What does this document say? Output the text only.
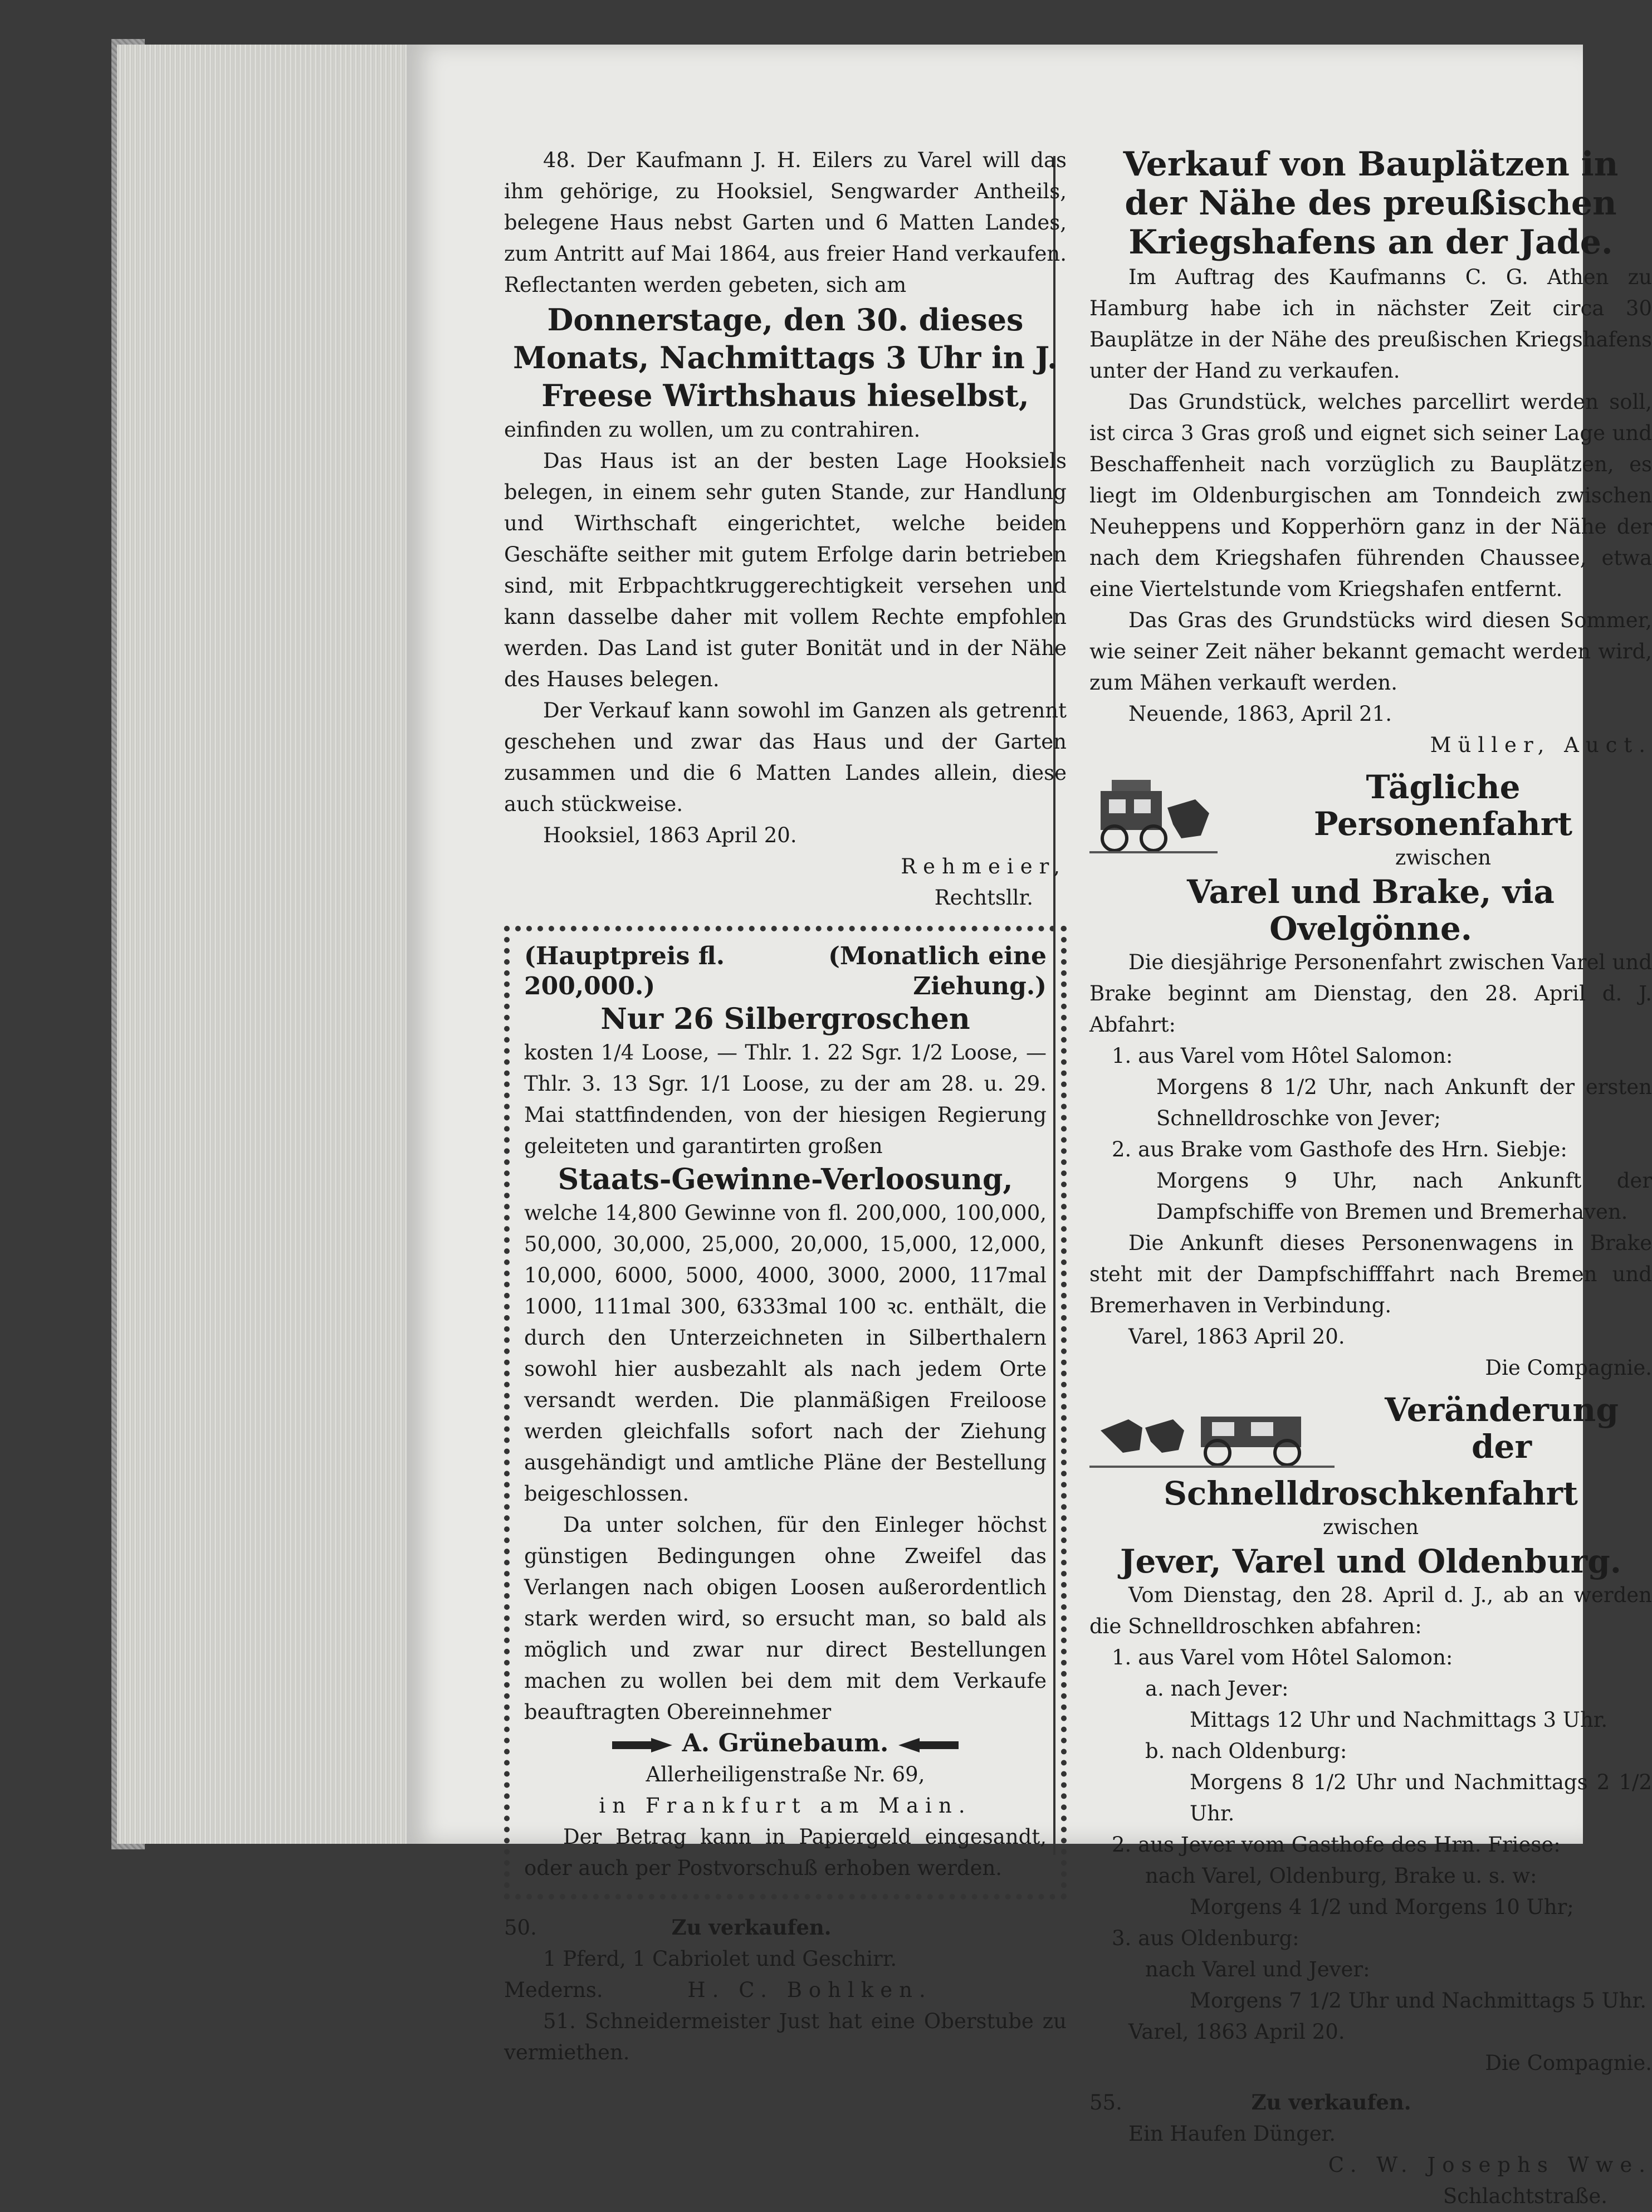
48. Der Kaufmann J. H. Eilers zu Varel will das ihm gehörige, zu Hooksiel, Sengwarder Antheils, belegene Haus nebst Garten und 6 Matten Landes, zum Antritt auf Mai 1864, aus freier Hand verkaufen. Reflectanten werden gebeten, sich am

Donnerstage, den 30. dieses Monats, Nachmittags 3 Uhr in J. Freese Wirthshaus hieselbst,

einfinden zu wollen, um zu contrahiren.

Das Haus ist an der besten Lage Hooksiels belegen, in einem sehr guten Stande, zur Handlung und Wirthschaft eingerichtet, welche beiden Geschäfte seither mit gutem Erfolge darin betrieben sind, mit Erbpachtkruggerechtigkeit versehen und kann dasselbe daher mit vollem Rechte empfohlen werden. Das Land ist guter Bonität und in der Nähe des Hauses belegen.

Der Verkauf kann sowohl im Ganzen als getrennt geschehen und zwar das Haus und der Garten zusammen und die 6 Matten Landes allein, diese auch stückweise.

Hooksiel, 1863 April 20.

Rehmeier,

Rechtsllr.

(Hauptpreis fl. 200,000.)
(Monatlich eine Ziehung.)

Nur 26 Silbergroschen

kosten 1/4 Loose, — Thlr. 1. 22 Sgr. 1/2 Loose, — Thlr. 3. 13 Sgr. 1/1 Loose, zu der am 28. u. 29. Mai stattfindenden, von der hiesigen Regierung geleiteten und garantirten großen

Staats-Gewinne-Verloosung,

welche 14,800 Gewinne von fl. 200,000, 100,000, 50,000, 30,000, 25,000, 20,000, 15,000, 12,000, 10,000, 6000, 5000, 4000, 3000, 2000, 117mal 1000, 111mal 300, 6333mal 100 ꝛc. enthält, die durch den Unterzeichneten in Silberthalern sowohl hier ausbezahlt als nach jedem Orte versandt werden. Die planmäßigen Freiloose werden gleichfalls sofort nach der Ziehung ausgehändigt und amtliche Pläne der Bestellung beigeschlossen.

Da unter solchen, für den Einleger höchst günstigen Bedingungen ohne Zweifel das Verlangen nach obigen Loosen außerordentlich stark werden wird, so ersucht man, so bald als möglich und zwar nur direct Bestellungen machen zu wollen bei dem mit dem Verkaufe beauftragten Obereinnehmer

A. Grünebaum.

Allerheiligenstraße Nr. 69,

in Frankfurt am Main.

Der Betrag kann in Papiergeld eingesandt, oder auch per Postvorschuß erhoben werden.

50.	Zu verkaufen.

1 Pferd, 1 Cabriolet und Geschirr.

Mederns.	H. C. Bohlken.

51. Schneidermeister Just hat eine Oberstube zu vermiethen.

Verkauf von Bauplätzen in der Nähe des preußischen Kriegshafens an der Jade.

Im Auftrag des Kaufmanns C. G. Athen zu Hamburg habe ich in nächster Zeit circa 30 Bauplätze in der Nähe des preußischen Kriegshafens unter der Hand zu verkaufen.

Das Grundstück, welches parcellirt werden soll, ist circa 3 Gras groß und eignet sich seiner Lage und Beschaffenheit nach vorzüglich zu Bauplätzen, es liegt im Oldenburgischen am Tonndeich zwischen Neuheppens und Kopperhörn ganz in der Nähe der nach dem Kriegshafen führenden Chaussee, etwa eine Viertelstunde vom Kriegshafen entfernt.

Das Gras des Grundstücks wird diesen Sommer, wie seiner Zeit näher bekannt gemacht werden wird, zum Mähen verkauft werden.

Neuende, 1863, April 21.

Müller, Auct.

Tägliche Personenfahrt

zwischen

Varel und Brake, via Ovelgönne.

Die diesjährige Personenfahrt zwischen Varel und Brake beginnt am Dienstag, den 28. April d. J. Abfahrt:

1. aus Varel vom Hôtel Salomon:

Morgens 8 1/2 Uhr, nach Ankunft der ersten Schnelldroschke von Jever;

2. aus Brake vom Gasthofe des Hrn. Siebje:

Morgens 9 Uhr, nach Ankunft der Dampfschiffe von Bremen und Bremerhaven.

Die Ankunft dieses Personenwagens in Brake steht mit der Dampfschifffahrt nach Bremen und Bremerhaven in Verbindung.

Varel, 1863 April 20.

Die Compagnie.

Veränderung der Schnelldroschkenfahrt

zwischen

Jever, Varel und Oldenburg.

Vom Dienstag, den 28. April d. J., ab an werden die Schnelldroschken abfahren:

1. aus Varel vom Hôtel Salomon:

a. nach Jever:

Mittags 12 Uhr und Nachmittags 3 Uhr.

b. nach Oldenburg:

Morgens 8 1/2 Uhr und Nachmittags 2 1/2 Uhr.

2. aus Jever vom Gasthofe des Hrn. Friese:

nach Varel, Oldenburg, Brake u. s. w:

Morgens 4 1/2 und Morgens 10 Uhr;

3. aus Oldenburg:

nach Varel und Jever:

Morgens 7 1/2 Uhr und Nachmittags 5 Uhr.

Varel, 1863 April 20.

Die Compagnie.

55.	Zu verkaufen.

Ein Haufen Dünger.

C. W. Josephs Wwe.

Schlachtstraße.
